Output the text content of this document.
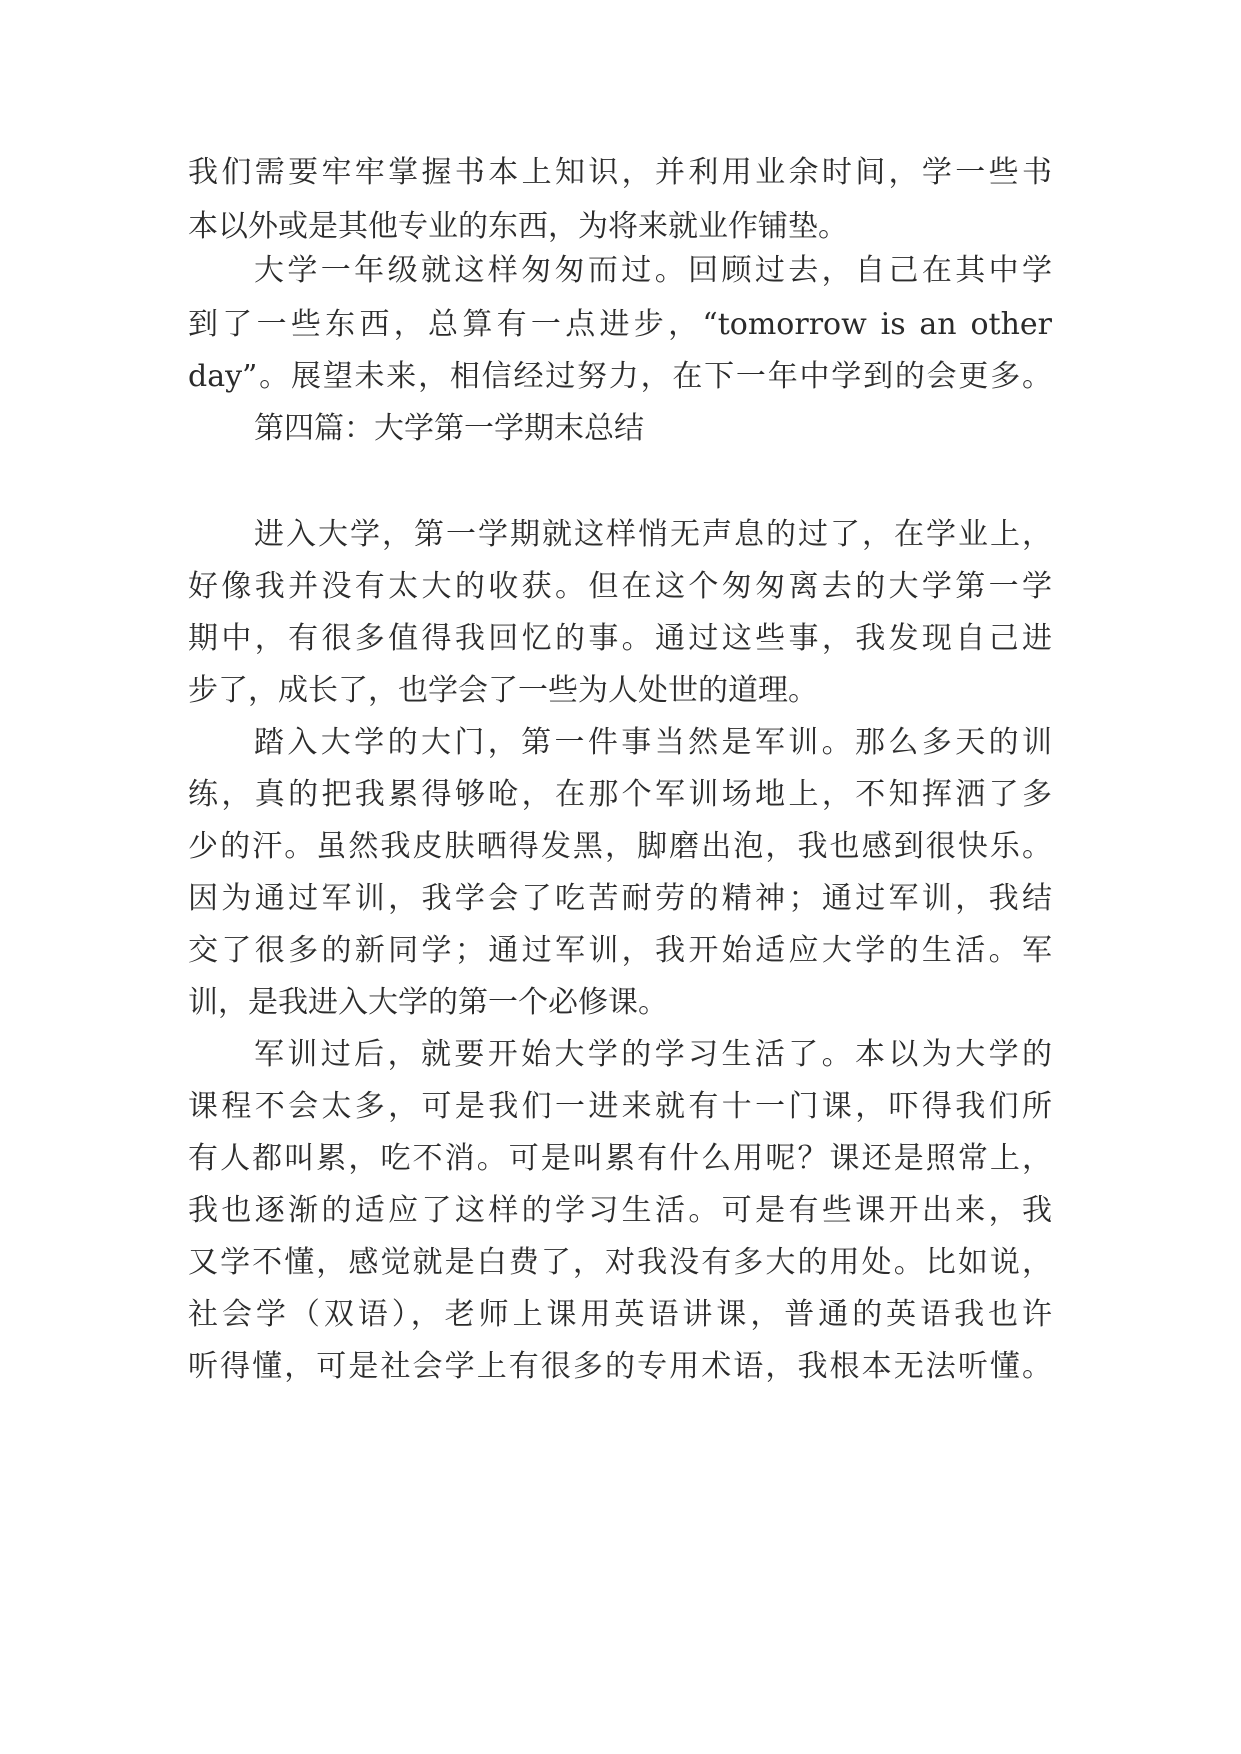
我们需要牢牢掌握书本上知识，并利用业余时间，学一些书
本以外或是其他专业的东西，为将来就业作铺垫。
大学一年级就这样匆匆而过。回顾过去，自己在其中学
到了一些东西，总算有一点进步，“tomorrow is an other
day”。展望未来，相信经过努力，在下一年中学到的会更多。
第四篇：大学第一学期末总结
进入大学，第一学期就这样悄无声息的过了，在学业上，
好像我并没有太大的收获。但在这个匆匆离去的大学第一学
期中，有很多值得我回忆的事。通过这些事，我发现自己进
步了，成长了，也学会了一些为人处世的道理。
踏入大学的大门，第一件事当然是军训。那么多天的训
练，真的把我累得够呛，在那个军训场地上，不知挥洒了多
少的汗。虽然我皮肤晒得发黑，脚磨出泡，我也感到很快乐。
因为通过军训，我学会了吃苦耐劳的精神；通过军训，我结
交了很多的新同学；通过军训，我开始适应大学的生活。军
训，是我进入大学的第一个必修课。
军训过后，就要开始大学的学习生活了。本以为大学的
课程不会太多，可是我们一进来就有十一门课，吓得我们所
有人都叫累，吃不消。可是叫累有什么用呢？课还是照常上，
我也逐渐的适应了这样的学习生活。可是有些课开出来，我
又学不懂，感觉就是白费了，对我没有多大的用处。比如说，
社会学（双语），老师上课用英语讲课，普通的英语我也许
听得懂，可是社会学上有很多的专用术语，我根本无法听懂。
